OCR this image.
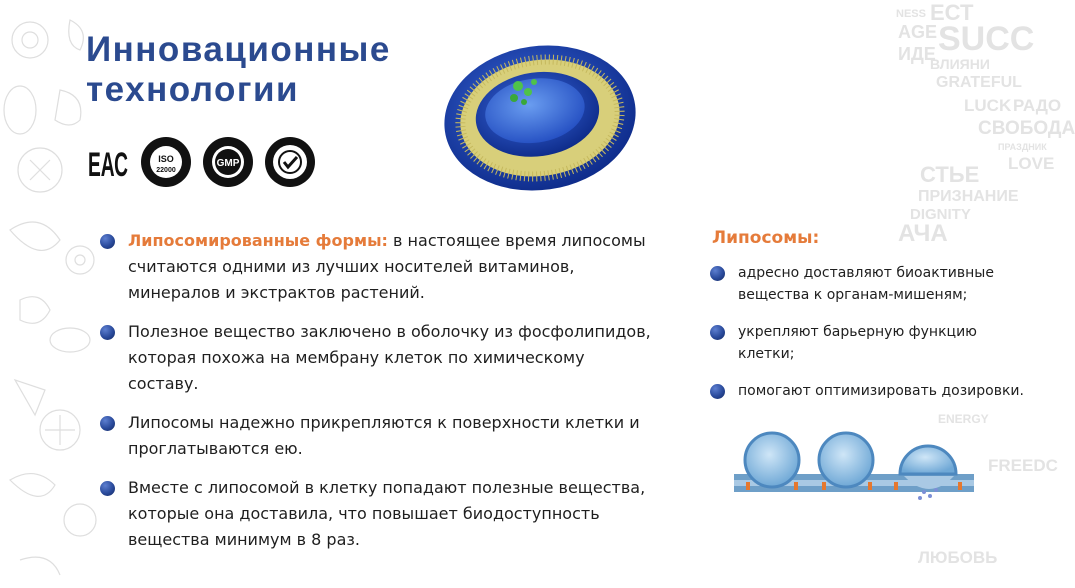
NESS ЕСТ
AGE SUCC
ИДЕ
ВЛИЯНИ
GRATEFUL
LUCK РАДО
СВОБОДА
ПРАЗДНИК
LOVE
СТЬЕ
ПРИЗНАНИЕ
DIGNITY
АЧА
ENERGY
FREEDC
ЛЮБОВЬ
Инновационные
технологии
ЕАС	ISO
22000
GMP
Липосомированные формы: в настоящее время липосомы считаются одними из лучших носителей витаминов, минералов и экстрактов растений.
Полезное вещество заключено в оболочку из фосфолипидов, которая похожа на мембрану клеток по химическому составу.
Липосомы надежно прикрепляются к поверхности клетки и проглатываются ею.
Вместе с липосомой в клетку попадают полезные вещества, которые она доставила, что повышает биодоступность вещества минимум в 8 раз.
Липосомы:
адресно доставляют биоактивные вещества к органам-мишеням;
укрепляют барьерную функцию клетки;
помогают оптимизировать дозировки.
